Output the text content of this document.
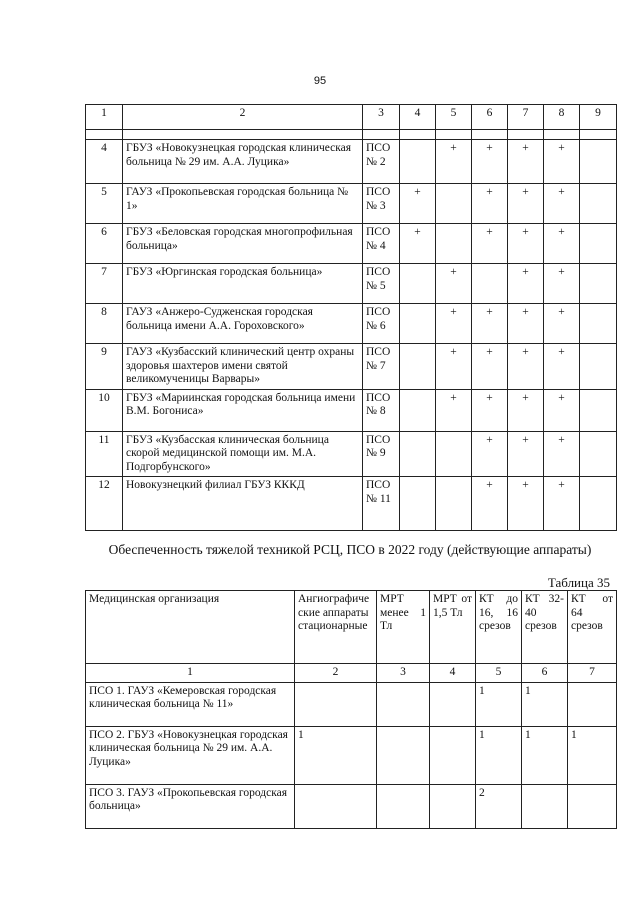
95
1	2	3	4	5	6	7	8	9

4	ГБУЗ «Новокузнецкая городская клиническая больница № 29 им. А.А. Луцика»	ПСО № 2		+	+	+	+	
5	ГАУЗ «Прокопьевская городская больница № 1»	ПСО № 3	+		+	+	+	
6	ГБУЗ «Беловская городская многопрофильная больница»	ПСО № 4	+		+	+	+	
7	ГБУЗ «Юргинская городская больница»	ПСО № 5		+		+	+	
8	ГАУЗ «Анжеро-Судженская городская больница имени А.А. Гороховского»	ПСО № 6		+	+	+	+	
9	ГАУЗ «Кузбасский клинический центр охраны здоровья шахтеров имени святой великомученицы Варвары»	ПСО № 7		+	+	+	+	
10	ГБУЗ «Мариинская городская больница имени В.М. Богониса»	ПСО № 8		+	+	+	+	
11	ГБУЗ «Кузбасская клиническая больница скорой медицинской помощи им. М.А. Подгорбунского»	ПСО № 9			+	+	+	
12	Новокузнецкий филиал ГБУЗ КККД	ПСО № 11			+	+	+	
Обеспеченность тяжелой техникой РСЦ, ПСО в 2022 году (действующие аппараты)
Таблица 35
Медицинская организация	Ангиографические аппараты стационарные	МРТ менее 1 Тл	МРТ от 1,5 Тл	КТ до 16, 16 срезов	КТ 32-40 срезов	КТ от 64 срезов
1	2	3	4	5	6	7
ПСО 1. ГАУЗ «Кемеровская городская клиническая больница № 11»				1	1	
ПСО 2. ГБУЗ «Новокузнецкая городская клиническая больница № 29 им. А.А. Луцика»	1			1	1	1
ПСО 3. ГАУЗ «Прокопьевская городская больница»				2		
